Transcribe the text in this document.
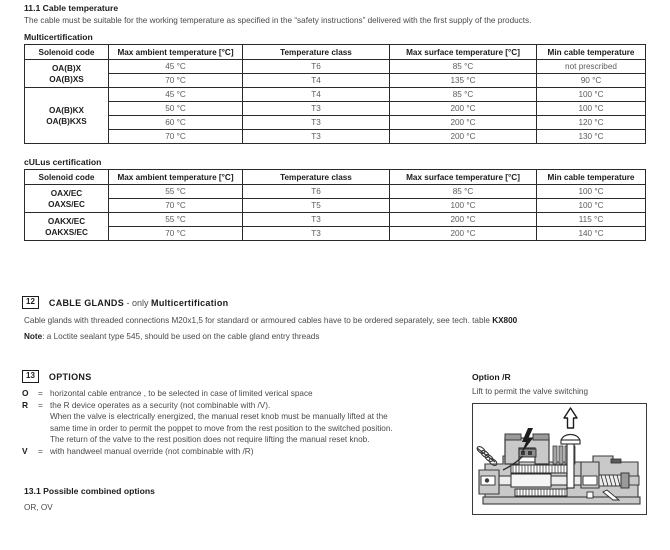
11.1 Cable temperature
The cable must be suitable for the working temperature as specified in the “safety instructions” delivered with the first supply of the products.
Multicertification
Solenoid code	Max ambient temperature [°C]	Temperature class	Max surface temperature [°C]	Min cable temperature

OA(B)X
OA(B)XS	45 °C	T6	85 °C	not prescribed
	70 °C	T4	135 °C	90 °C

OA(B)KX
OA(B)KXS	45 °C	T4	85 °C	100 °C
	50 °C	T3	200 °C	100 °C
	60 °C	T3	200 °C	120 °C
	70 °C	T3	200 °C	130 °C
cULus certification
Solenoid code	Max ambient temperature [°C]	Temperature class	Max surface temperature [°C]	Min cable temperature

OAX/EC
OAXS/EC	55 °C	T6	85 °C	100 °C
	70 °C	T5	100 °C	100 °C

OAKX/EC
OAKXS/EC	55 °C	T3	200 °C	115 °C
	70 °C	T3	200 °C	140 °C
12 CABLE GLANDS - only Multicertification
Cable glands with threaded connections M20x1,5 for standard or armoured cables have to be ordered separately, see tech. table KX800
Note: a Loctite sealant type 545, should be used on the cable gland entry threads
13 OPTIONS
O	= horizontal cable entrance , to be selected in case of limited verical space
R	= the R device operates as a security (not combinable with /V).
When the valve is electrically energized, the manual reset knob must be manually lifted at the
same time in order to permit the poppet to move from the rest position to the switched position.
The return of the valve to the rest position does not require lifting the manual reset knob.
V	= with handweel manual override (not combinable with /R)
13.1 Possible combined options
OR, OV
Option /R
Lift to permit the valve switching
